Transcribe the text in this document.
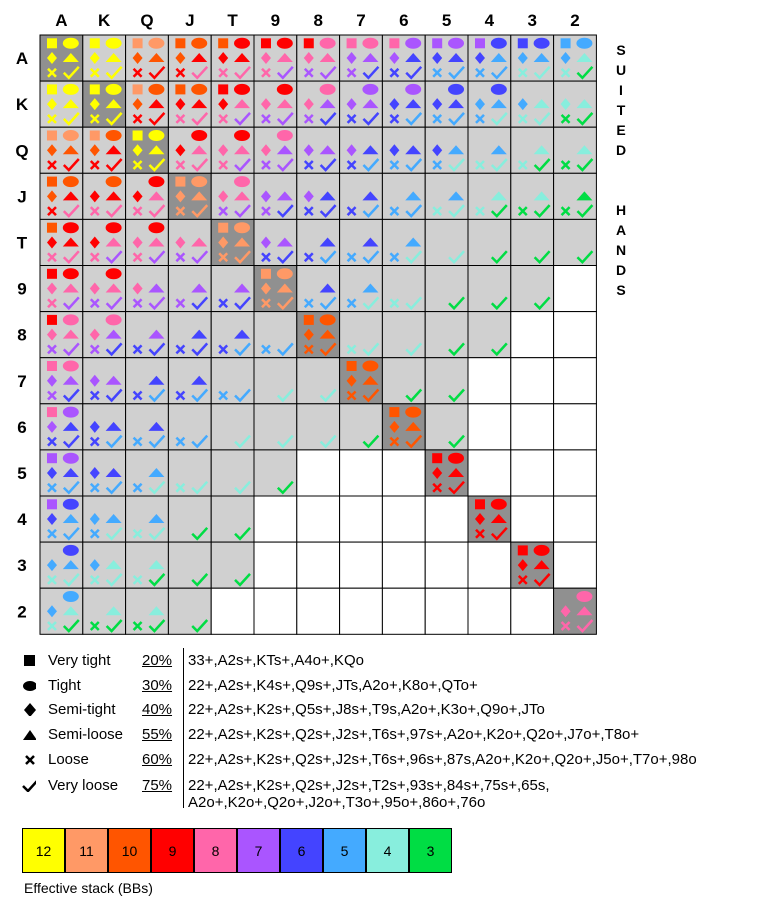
A
A
K
K
Q
Q
J
J
T
T
9
9
8
8
7
7
6
6
5
5
4
4
3
3
2
2
S
U
I
T
E
D
H
A
N
D
S
Very tight 20% 33+,A2s+,KTs+,A4o+,KQo
Tight	30% 22+,A2s+,K4s+,Q9s+,JTs,A2o+,K8o+,QTo+
Semi-tight 40% 22+,A2s+,K2s+,Q5s+,J8s+,T9s,A2o+,K3o+,Q9o+,JTo
Semi-loose 55% 22+,A2s+,K2s+,Q2s+,J2s+,T6s+,97s+,A2o+,K2o+,Q2o+,J7o+,T8o+
Loose	60% 22+,A2s+,K2s+,Q2s+,J2s+,T6s+,96s+,87s,A2o+,K2o+,Q2o+,J5o+,T7o+,98o
Very loose 75% 22+,A2s+,K2s+,Q2s+,J2s+,T2s+,93s+,84s+,75s+,65s,
A2o+,K2o+,Q2o+,J2o+,T3o+,95o+,86o+,76o
12	11	10	9	8	7	6	5	4	3
Effective stack (BBs)
